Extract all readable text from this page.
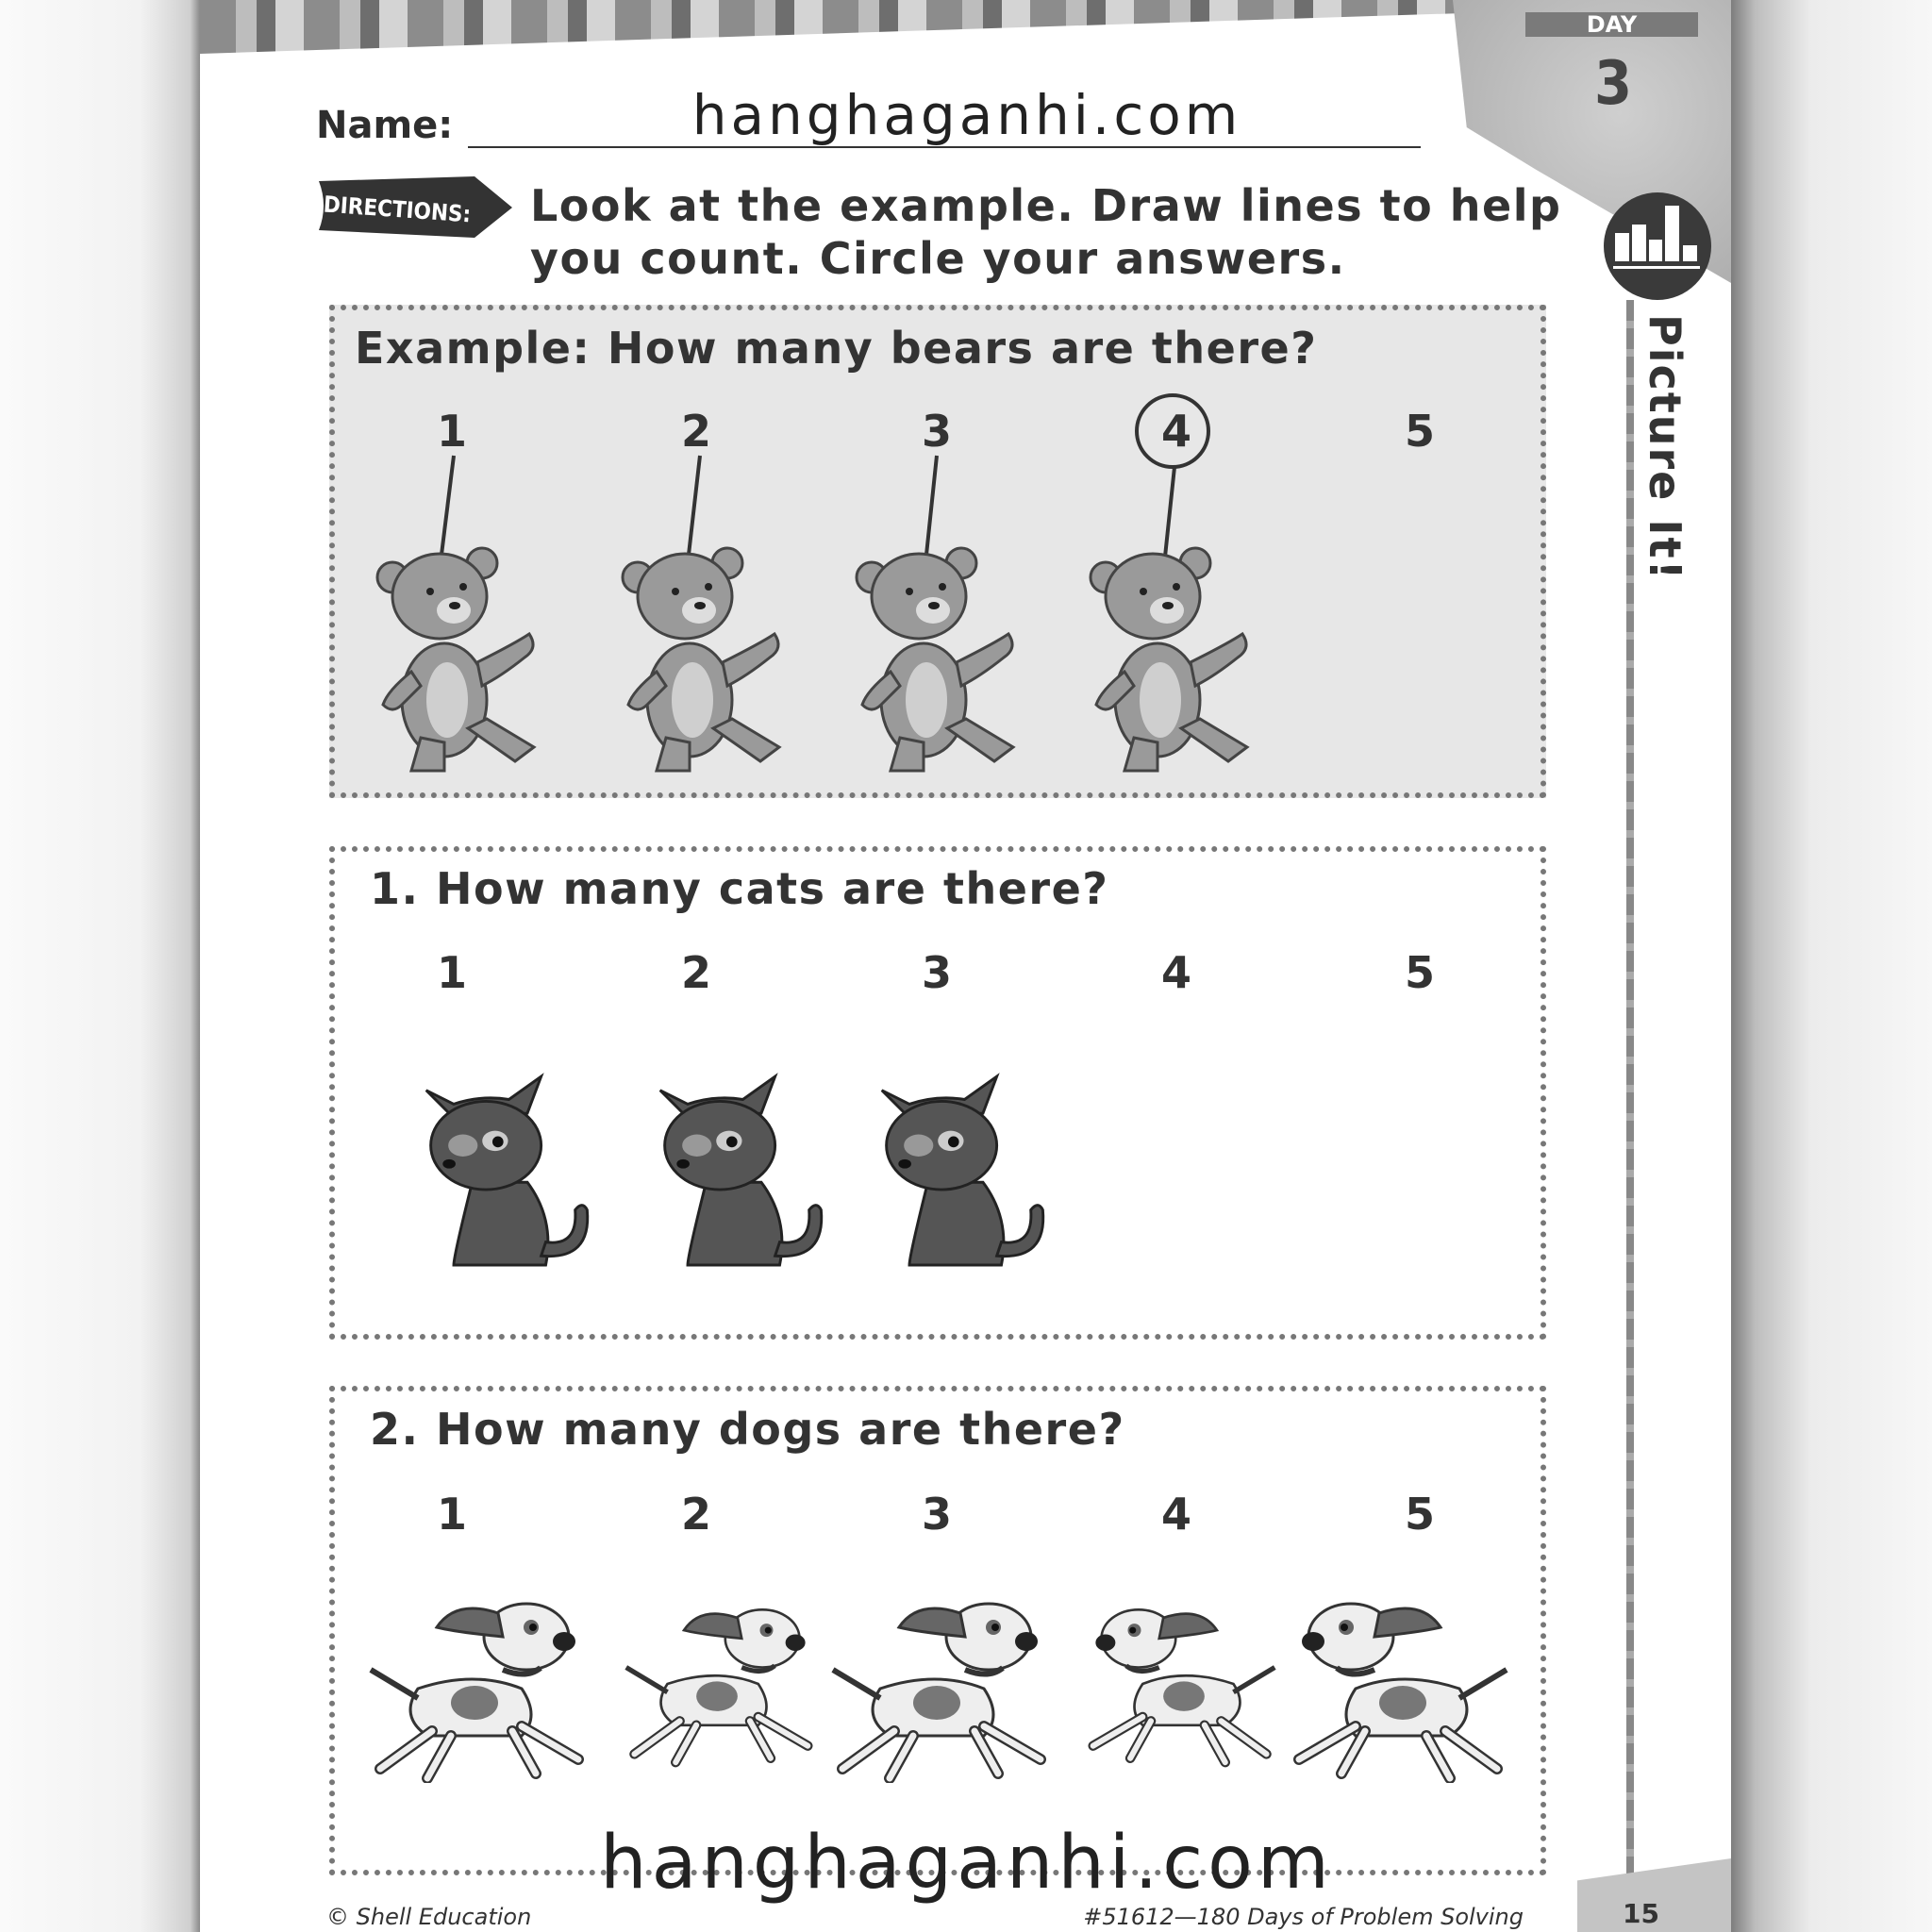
DAY
3
Name:	hanghaganhi.com
DIRECTIONS: Look at the example. Draw lines to help
you count. Circle your answers.
Picture It!
Example: How many bears are there?
1	2	3	4	5
1. How many cats are there?
1	2	3	4	5
2. How many dogs are there?
1	2	3	4	5
hanghaganhi.com
© Shell Education	#51612—180 Days of Problem Solving	15
